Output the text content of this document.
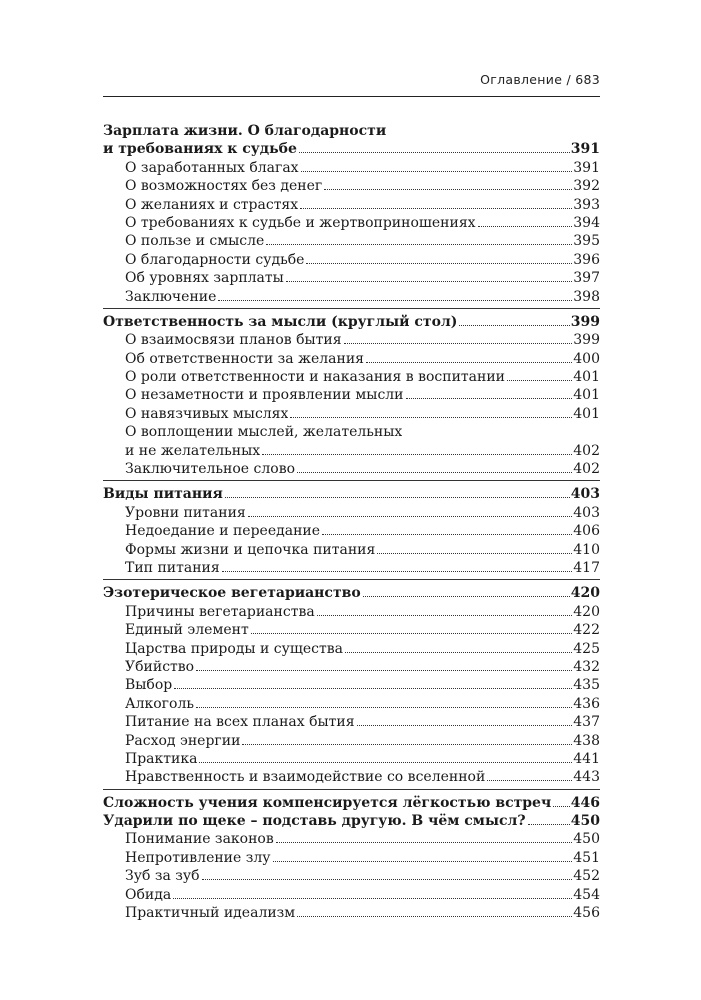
Оглавление / 683
Зарплата жизни. О благодарности
и требованиях к судьбе	391
О заработанных благах	391
О возможностях без денег	392
О желаниях и страстях	393
О требованиях к судьбе и жертвоприношениях	394
О пользе и смысле	395
О благодарности судьбе	396
Об уровнях зарплаты	397
Заключение	398
Ответственность за мысли (круглый стол)	399
О взаимосвязи планов бытия	399
Об ответственности за желания	400
О роли ответственности и наказания в воспитании	401
О незаметности и проявлении мысли	401
О навязчивых мыслях	401
О воплощении мыслей, желательных
и не желательных	402
Заключительное слово	402
Виды питания	403
Уровни питания	403
Недоедание и переедание	406
Формы жизни и цепочка питания	410
Тип питания	417
Эзотерическое вегетарианство	420
Причины вегетарианства	420
Единый элемент	422
Царства природы и существа	425
Убийство	432
Выбор	435
Алкоголь	436
Питание на всех планах бытия	437
Расход энергии	438
Практика	441
Нравственность и взаимодействие со вселенной	443
Сложность учения компенсируется лёгкостью встреч 446
Ударили по щеке – подставь другую. В чём смысл?	450
Понимание законов	450
Непротивление злу	451
Зуб за зуб	452
Обида	454
Практичный идеализм	456
